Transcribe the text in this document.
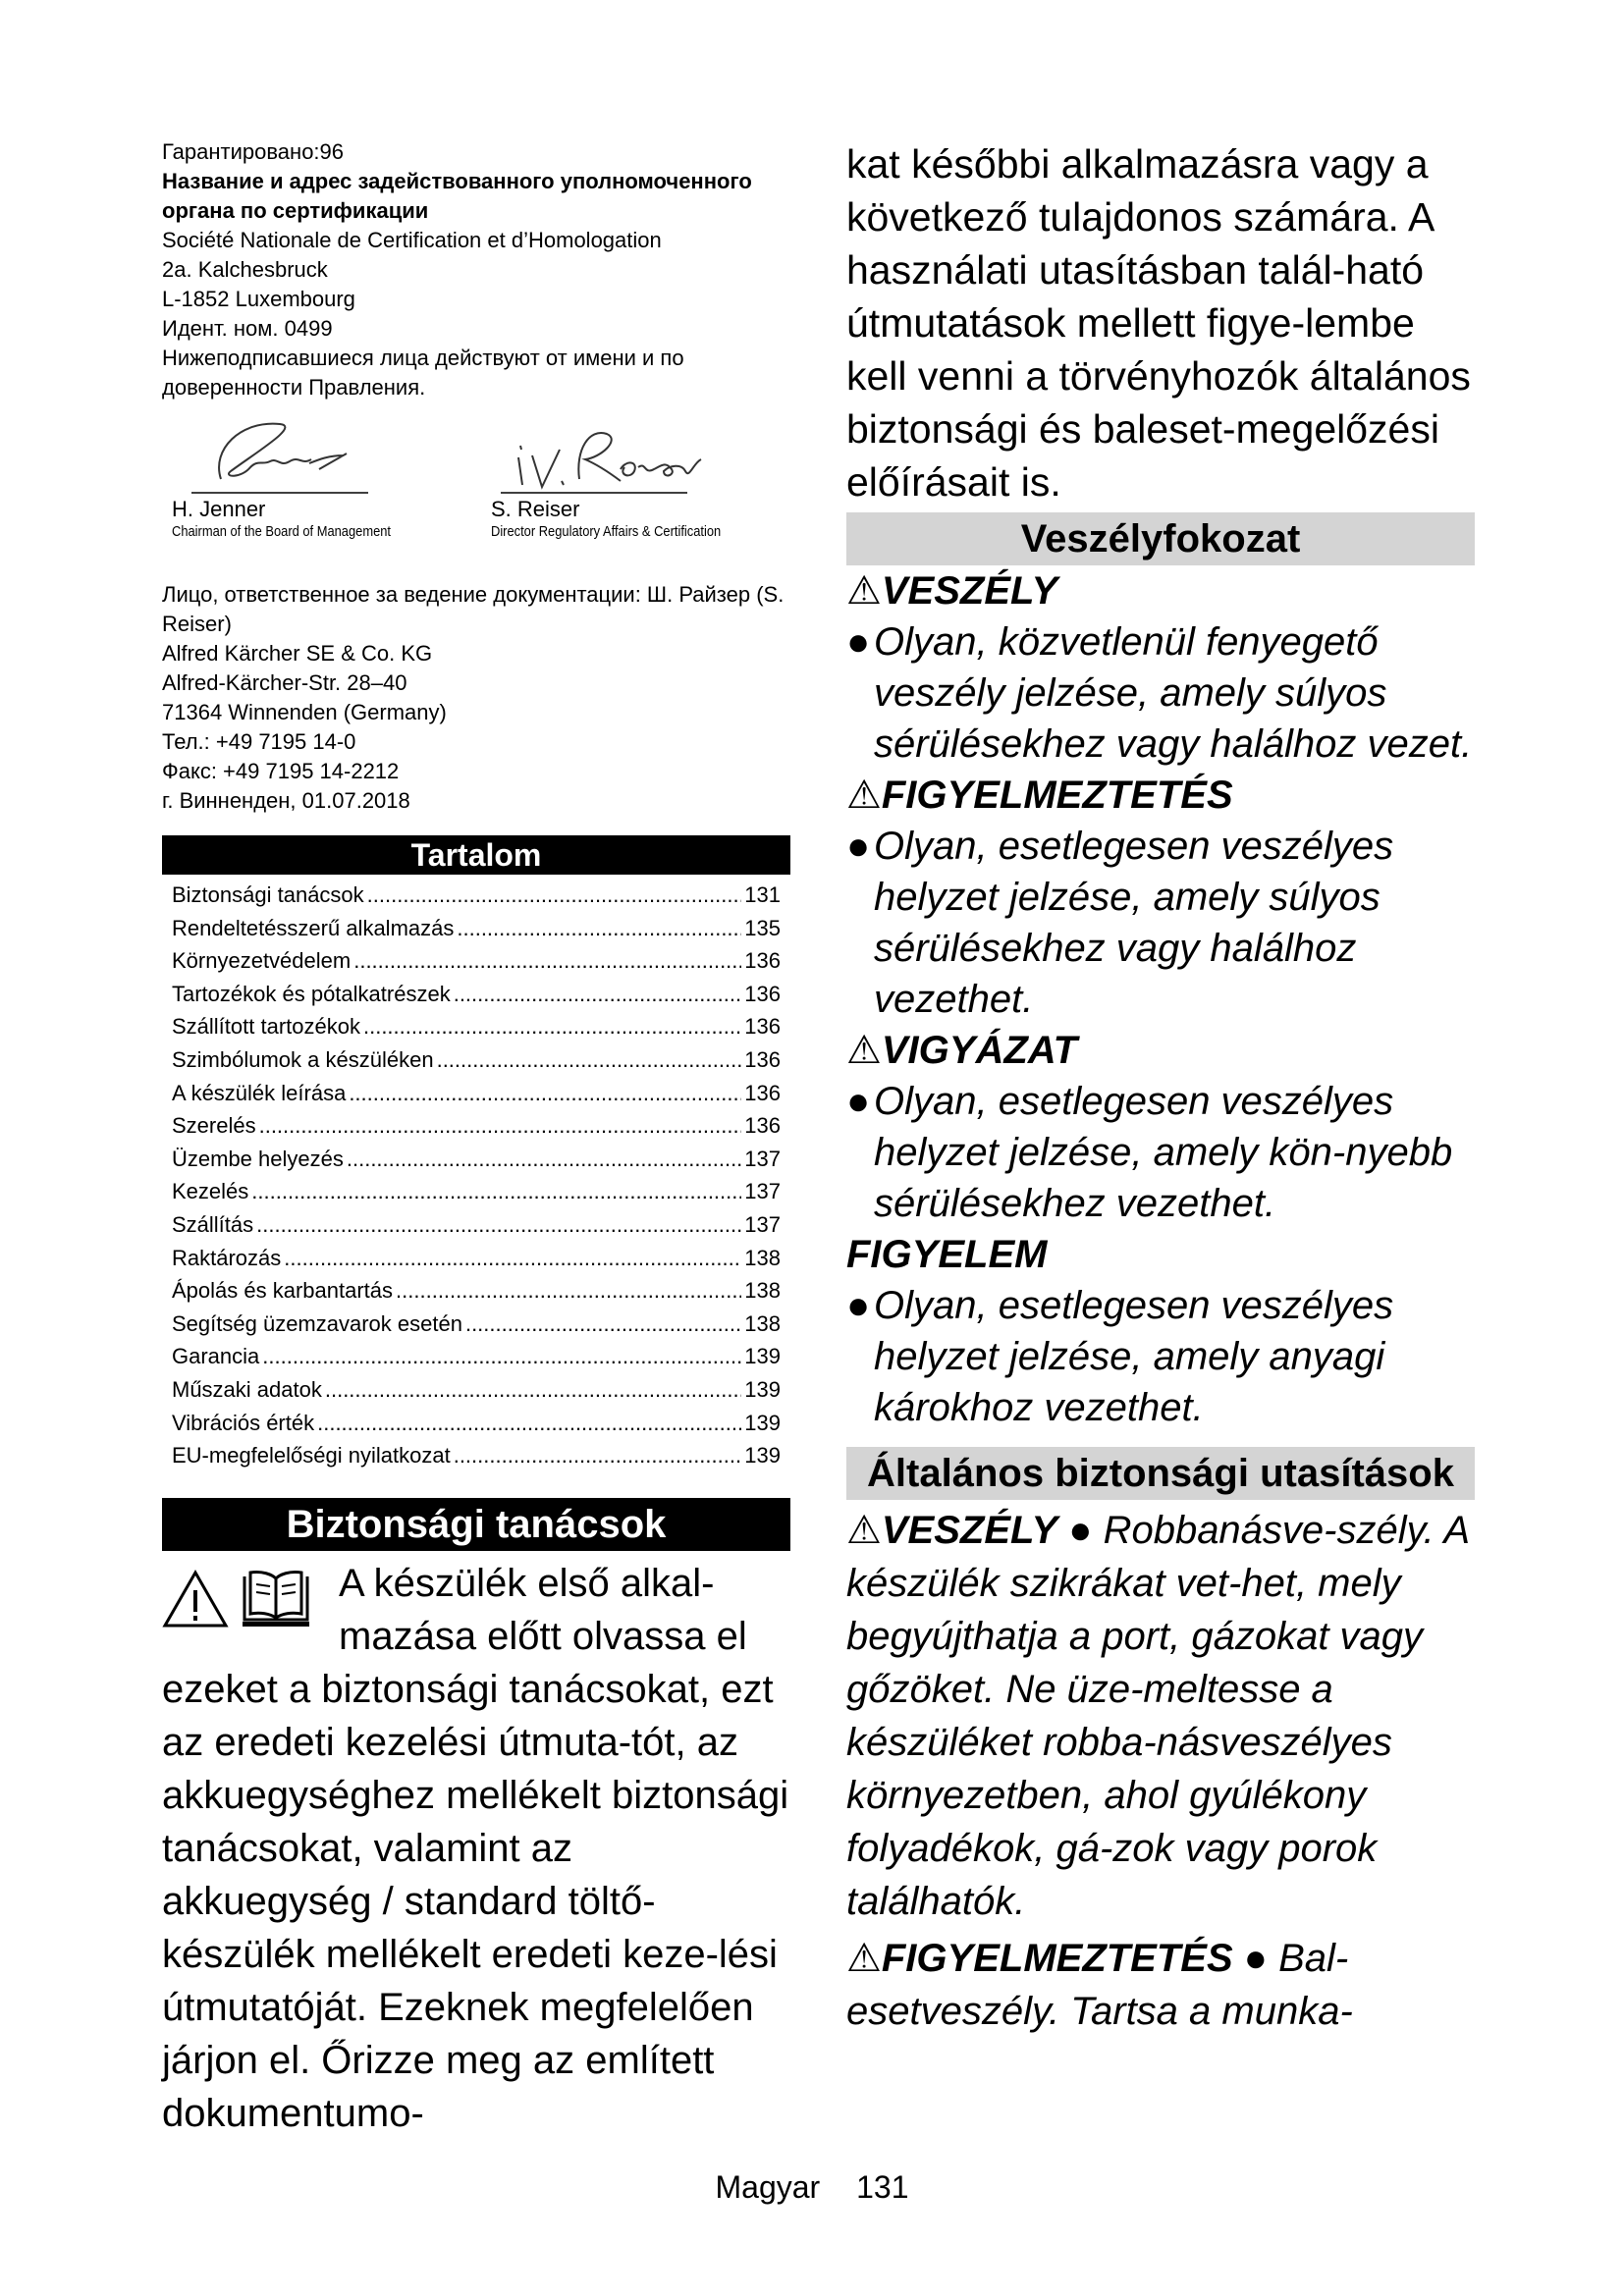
Гарантировано:96

Название и адрес задействованного уполномоченного органа по сертификации

Société Nationale de Certification et d’Homologation

2a. Kalchesbruck

L-1852 Luxembourg

Идент. ном. 0499

Нижеподписавшиеся лица действуют от имени и по доверенности Правления.

H. Jenner
Chairman of the Board of Management
S. Reiser
Director Regulatory Affairs & Certification

Лицо, ответственное за ведение документации: Ш. Райзер (S. Reiser)

Alfred Kärcher SE & Co. KG

Alfred-Kärcher-Str. 28–40

71364 Winnenden (Germany)

Тел.: +49 7195 14-0

Факс: +49 7195 14-2212

г. Винненден, 01.07.2018

Tartalom
Biztonsági tanácsok .....	131
Rendeltetésszerű alkalmazás .....	135
Környezetvédelem .....	136
Tartozékok és pótalkatrészek .....	136
Szállított tartozékok .....	136
Szimbólumok a készüléken .....	136
A készülék leírása .....	136
Szerelés .....	136
Üzembe helyezés .....	137
Kezelés .....	137
Szállítás .....	137
Raktározás .....	138
Ápolás és karbantartás .....	138
Segítség üzemzavarok esetén .....	138
Garancia .....	139
Műszaki adatok .....	139
Vibrációs érték .....	139
EU-megfelelőségi nyilatkozat .....	139
Biztonsági tanácsok
A készülék első alkal-
mazása előtt olvassa el
ezeket a biztonsági tanácsokat, ezt az eredeti kezelési útmuta-tót, az akkuegységhez mellékelt biztonsági tanácsokat, valamint az akkuegység / standard töltő-készülék mellékelt eredeti keze-lési útmutatóját. Ezeknek megfelelően járjon el. Őrizze meg az említett dokumentumo-
kat későbbi alkalmazásra vagy a következő tulajdonos számára. A használati utasításban talál-ható útmutatások mellett figye-lembe kell venni a törvényhozók általános biztonsági és baleset-megelőzési előírásait is.
Veszélyfokozat
⚠VESZÉLY
● Olyan, közvetlenül fenyegető veszély jelzése, amely súlyos sérülésekhez vagy halálhoz vezet.
⚠FIGYELMEZTETÉS
● Olyan, esetlegesen veszélyes helyzet jelzése, amely súlyos sérülésekhez vagy halálhoz vezethet.
⚠VIGYÁZAT
● Olyan, esetlegesen veszélyes helyzet jelzése, amely kön-nyebb sérülésekhez vezethet.
FIGYELEM
● Olyan, esetlegesen veszélyes helyzet jelzése, amely anyagi károkhoz vezethet.
Általános biztonsági utasítások
⚠VESZÉLY ● Robbanásve-szély. A készülék szikrákat vet-het, mely begyújthatja a port, gázokat vagy gőzöket. Ne üze-meltesse a készüléket robba-násveszélyes környezetben, ahol gyúlékony folyadékok, gá-zok vagy porok találhatók.
⚠FIGYELMEZTETÉS ● Bal-esetveszély. Tartsa a munka-
Magyar 131
